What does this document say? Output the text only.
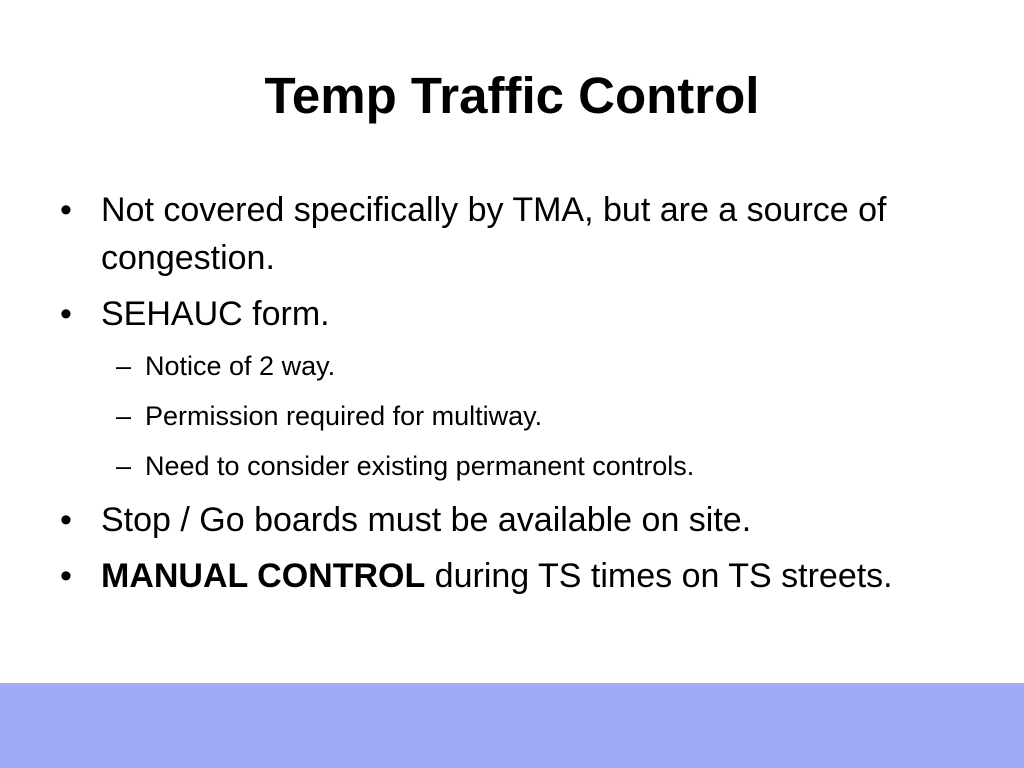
Temp Traffic Control
• Not covered specifically by TMA, but are a source of congestion.
• SEHAUC form.
– Notice of 2 way.
– Permission required for multiway.
– Need to consider existing permanent controls.
• Stop / Go boards must be available on site.
• MANUAL CONTROL during TS times on TS streets.
